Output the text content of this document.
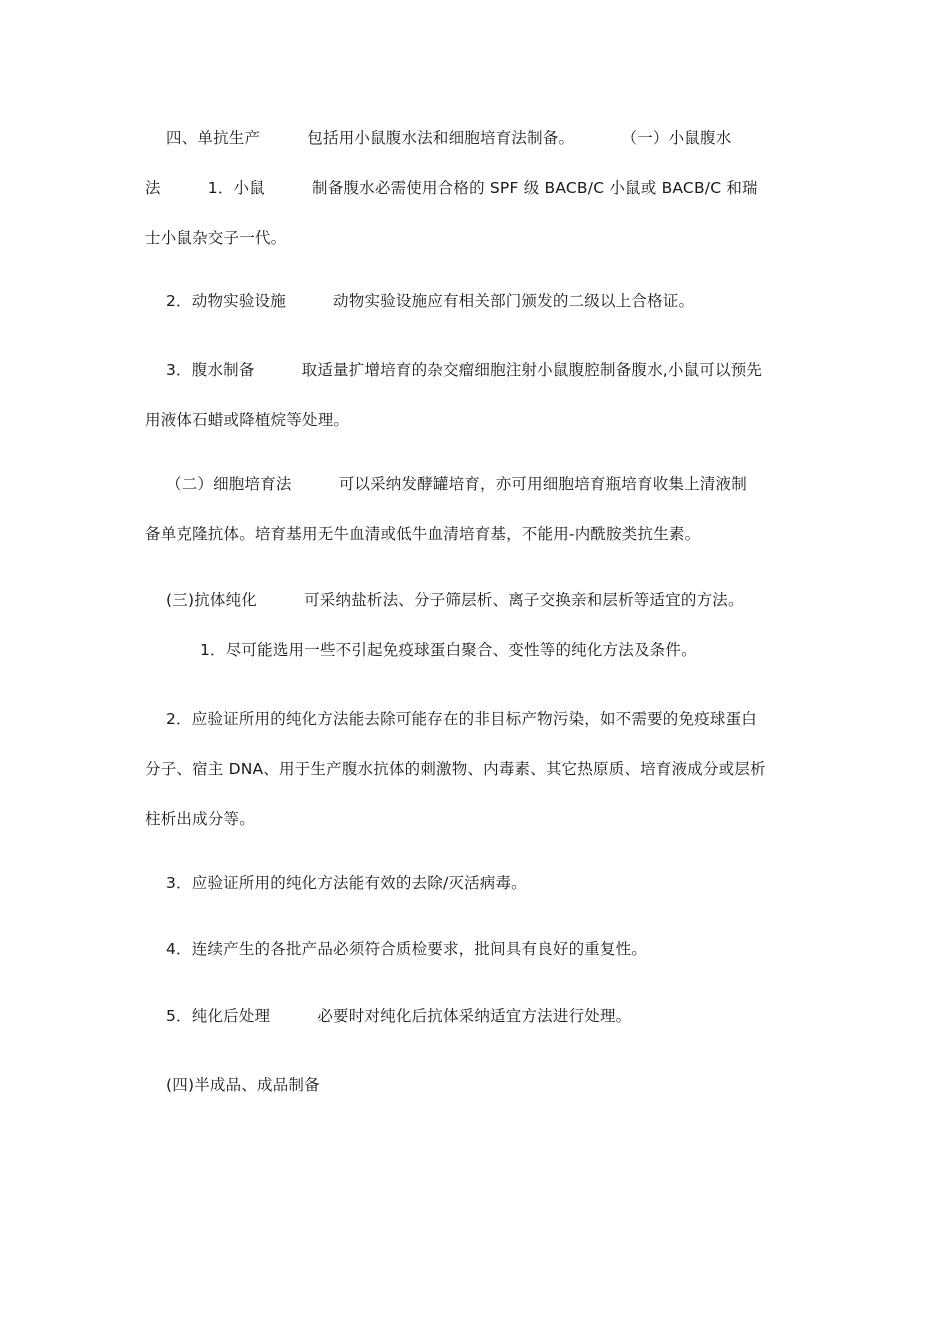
四、单抗生产　　　包括用小鼠腹水法和细胞培育法制备。　　　　（一）小鼠腹水
法　　　1．小鼠　　　制备腹水必需使用合格的 SPF 级 BACB/C 小鼠或 BACB/C 和瑞
士小鼠杂交子一代。
2．动物实验设施　　　动物实验设施应有相关部门颁发的二级以上合格证。
3．腹水制备　　　取适量扩增培育的杂交瘤细胞注射小鼠腹腔制备腹水,小鼠可以预先
用液体石蜡或降植烷等处理。
（二）细胞培育法　　　可以采纳发酵罐培育，亦可用细胞培育瓶培育收集上清液制
备单克隆抗体。培育基用无牛血清或低牛血清培育基，不能用-内酰胺类抗生素。
(三)抗体纯化　　　可采纳盐析法、分子筛层析、离子交换亲和层析等适宜的方法。
1．尽可能选用一些不引起免疫球蛋白聚合、变性等的纯化方法及条件。
2．应验证所用的纯化方法能去除可能存在的非目标产物污染，如不需要的免疫球蛋白
分子、宿主 DNA、用于生产腹水抗体的刺激物、内毒素、其它热原质、培育液成分或层析
柱析出成分等。
3．应验证所用的纯化方法能有效的去除/灭活病毒。
4．连续产生的各批产品必须符合质检要求，批间具有良好的重复性。
5．纯化后处理　　　必要时对纯化后抗体采纳适宜方法进行处理。
(四)半成品、成品制备
